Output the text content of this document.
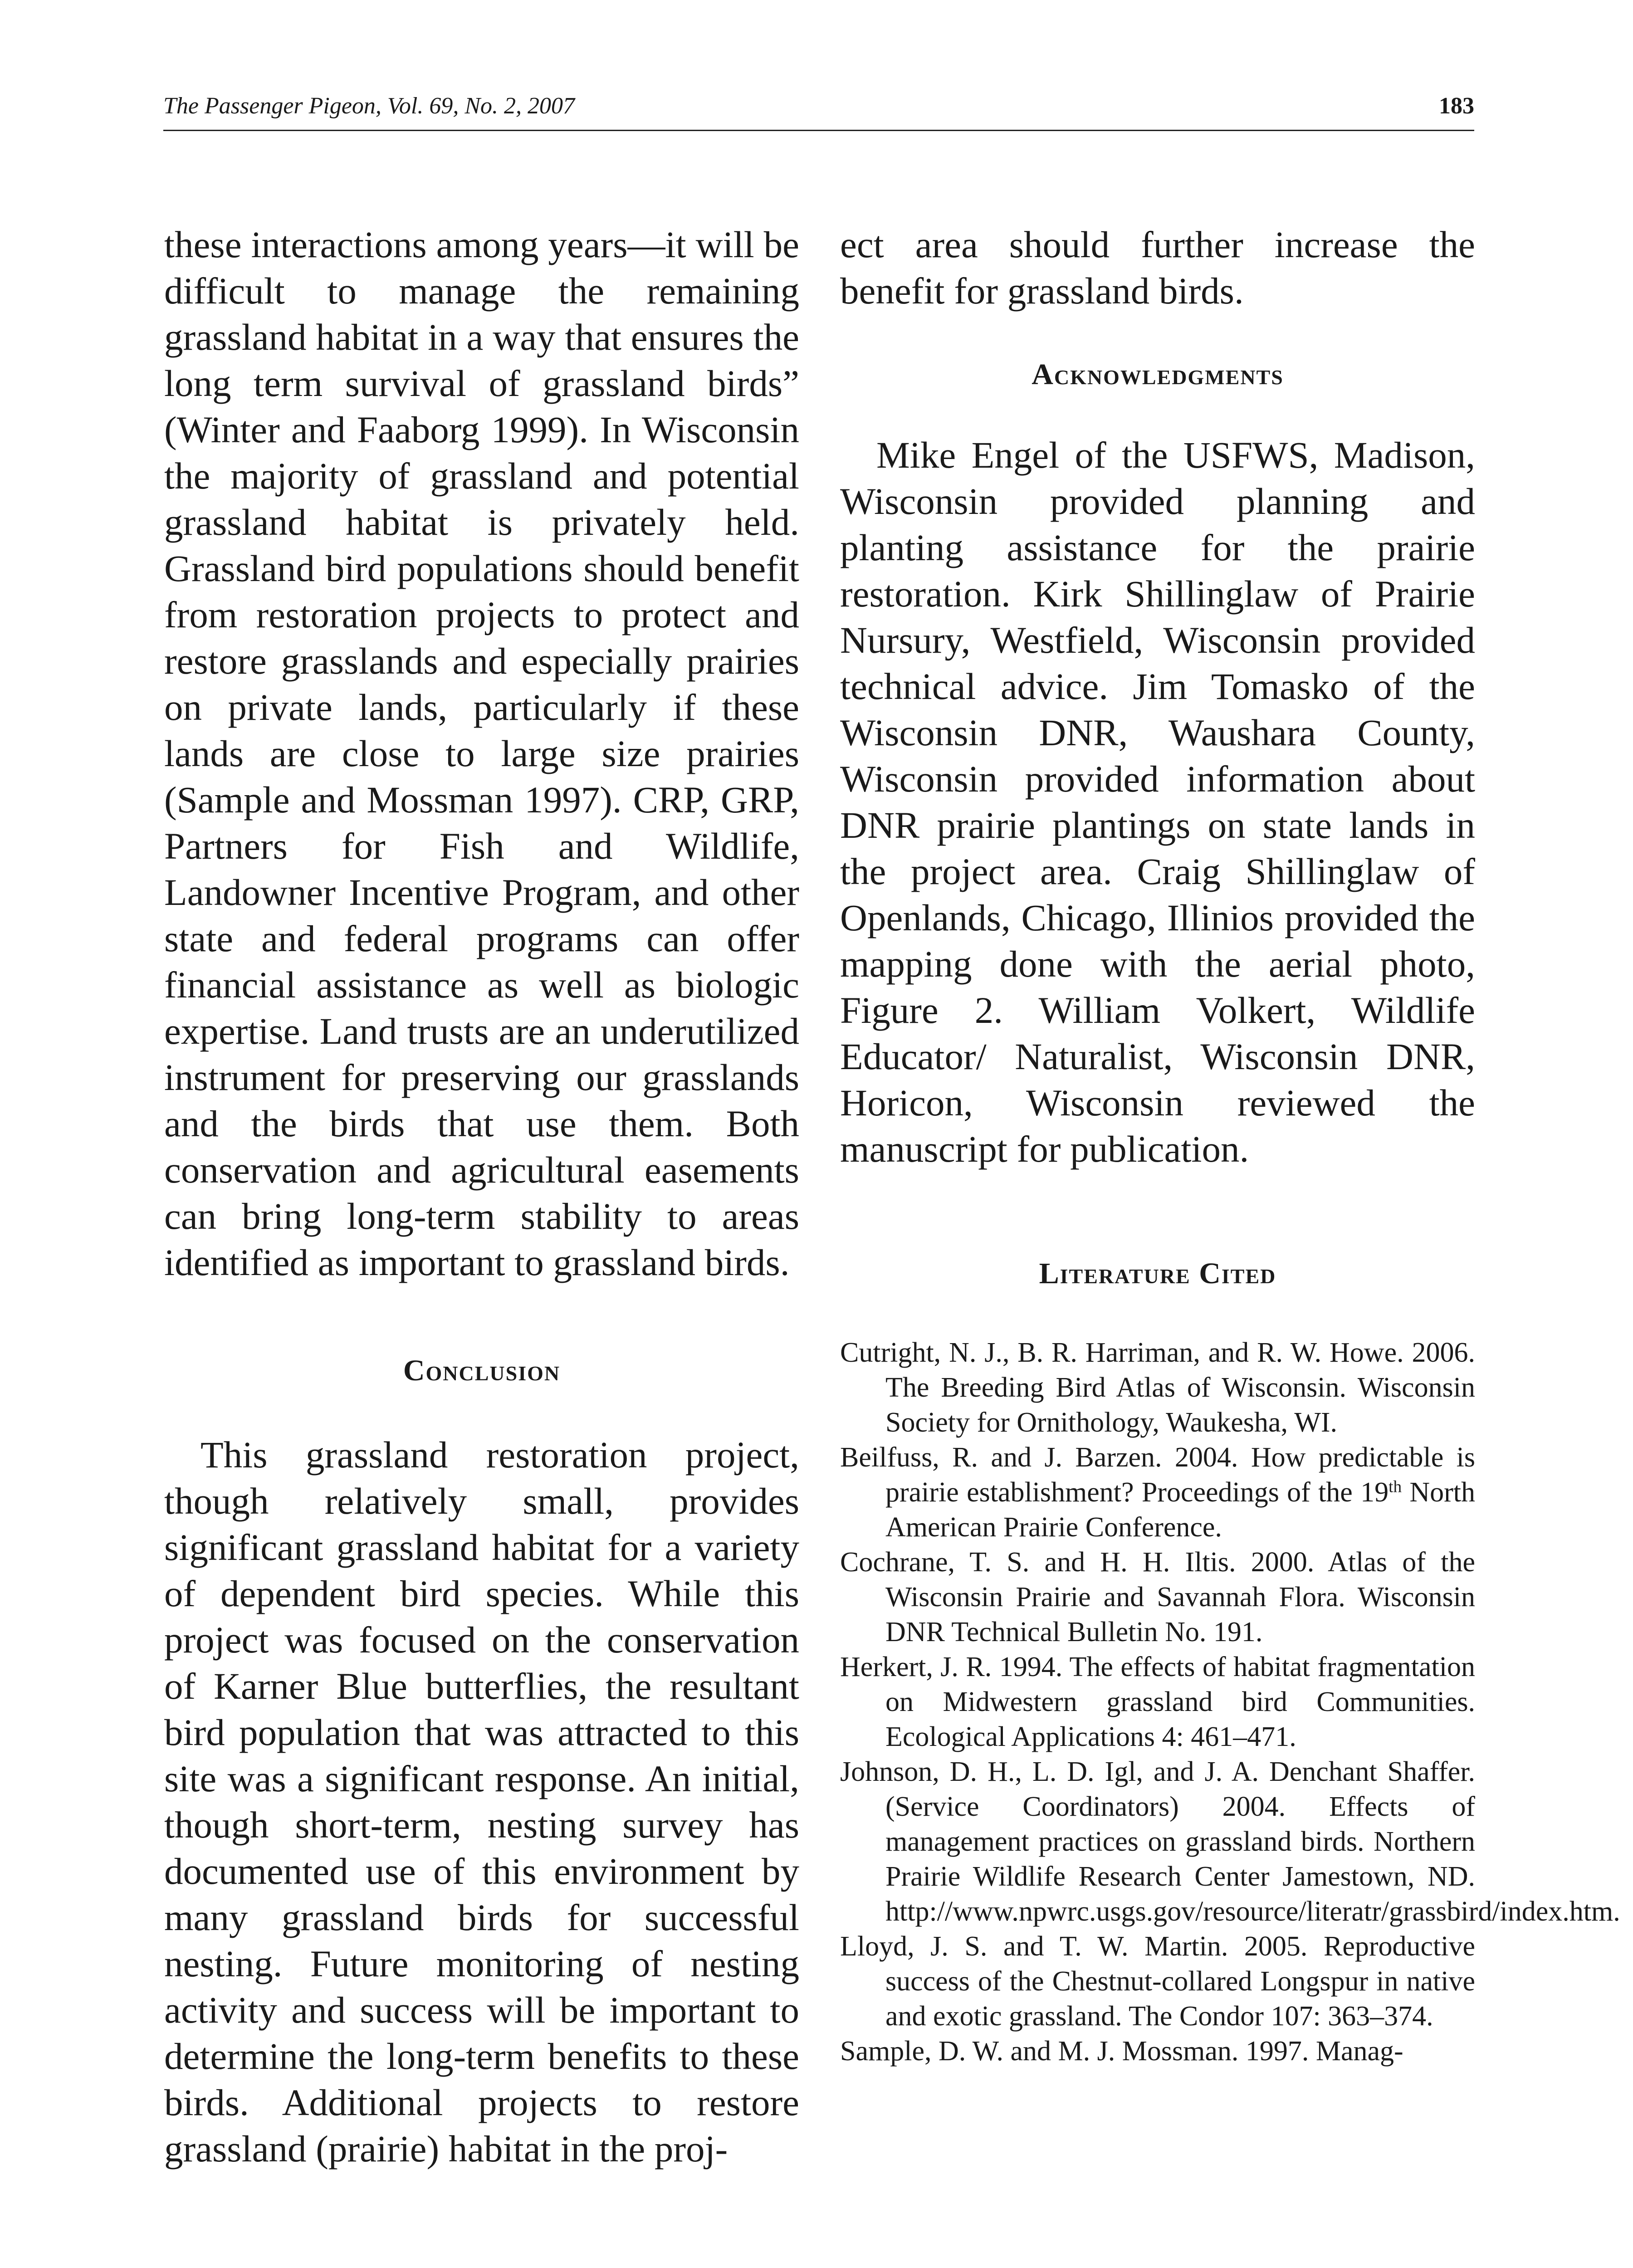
The Passenger Pigeon, Vol. 69, No. 2, 2007	183

these interactions among years—it will be difficult to manage the remaining grassland habitat in a way that ensures the long term survival of grassland birds” (Winter and Faaborg 1999). In Wisconsin the majority of grassland and potential grassland habitat is privately held. Grassland bird populations should benefit from restoration projects to protect and restore grasslands and especially prairies on private lands, particularly if these lands are close to large size prairies (Sample and Mossman 1997). CRP, GRP, Partners for Fish and Wildlife, Landowner Incentive Program, and other state and federal programs can offer financial assistance as well as biologic expertise. Land trusts are an underutilized instrument for preserving our grasslands and the birds that use them. Both conservation and agricultural easements can bring long-term stability to areas identified as important to grassland birds.

Conclusion

This grassland restoration project, though relatively small, provides significant grassland habitat for a variety of dependent bird species. While this project was focused on the conservation of Karner Blue butterflies, the resultant bird population that was attracted to this site was a significant response. An initial, though short-term, nesting survey has documented use of this environment by many grassland birds for successful nesting. Future monitoring of nesting activity and success will be important to determine the long-term benefits to these birds. Additional projects to restore grassland (prairie) habitat in the proj-

ect area should further increase the benefit for grassland birds.

Acknowledgments

Mike Engel of the USFWS, Madison, Wisconsin provided planning and planting assistance for the prairie restoration. Kirk Shillinglaw of Prairie Nursury, Westfield, Wisconsin provided technical advice. Jim Tomasko of the Wisconsin DNR, Waushara County, Wisconsin provided information about DNR prairie plantings on state lands in the project area. Craig Shillinglaw of Openlands, Chicago, Illinios provided the mapping done with the aerial photo, Figure 2. William Volkert, Wildlife Educator/ Naturalist, Wisconsin DNR, Horicon, Wisconsin reviewed the manuscript for publication.

Literature Cited

Cutright, N. J., B. R. Harriman, and R. W. Howe. 2006. The Breeding Bird Atlas of Wisconsin. Wisconsin Society for Ornithology, Waukesha, WI.

Beilfuss, R. and J. Barzen. 2004. How predictable is prairie establishment? Proceedings of the 19th North American Prairie Conference.

Cochrane, T. S. and H. H. Iltis. 2000. Atlas of the Wisconsin Prairie and Savannah Flora. Wisconsin DNR Technical Bulletin No. 191.

Herkert, J. R. 1994. The effects of habitat fragmentation on Midwestern grassland bird Communities. Ecological Applications 4: 461–471.

Johnson, D. H., L. D. Igl, and J. A. Denchant Shaffer. (Service Coordinators) 2004. Effects of management practices on grassland birds. Northern Prairie Wildlife Research Center Jamestown, ND. http://www.npwrc.usgs.gov/resource/literatr/grassbird/index.htm.

Lloyd, J. S. and T. W. Martin. 2005. Reproductive success of the Chestnut-collared Longspur in native and exotic grassland. The Condor 107: 363–374.

Sample, D. W. and M. J. Mossman. 1997. Manag-
